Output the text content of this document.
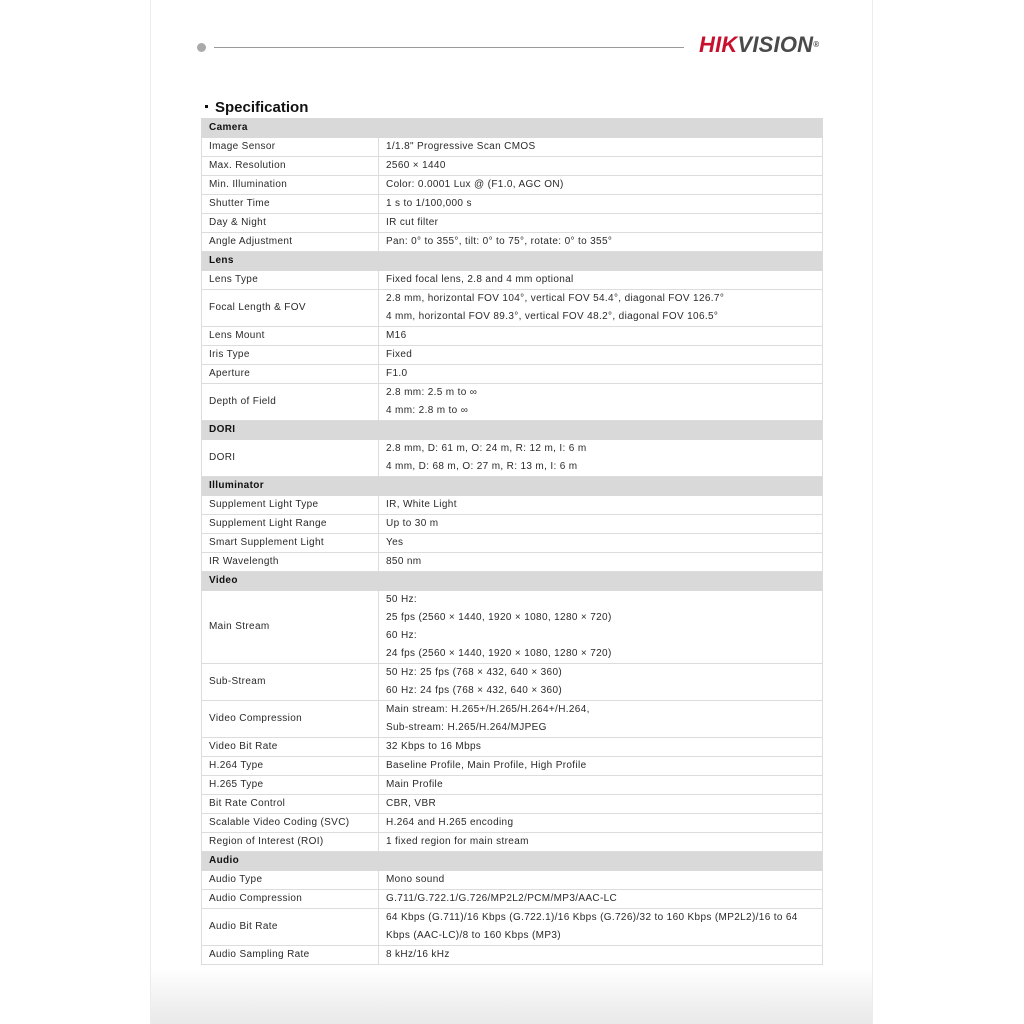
HIKVISION®
Specification
Camera	
Image Sensor	1/1.8" Progressive Scan CMOS

Max. Resolution	2560 × 1440

Min. Illumination	Color: 0.0001 Lux @ (F1.0, AGC ON)

Shutter Time	1 s to 1/100,000 s

Day & Night	IR cut filter

Angle Adjustment	Pan: 0° to 355°, tilt: 0° to 75°, rotate: 0° to 355°

Lens	
Lens Type	Fixed focal lens, 2.8 and 4 mm optional

Focal Length & FOV	2.8 mm, horizontal FOV 104°, vertical FOV 54.4°, diagonal FOV 126.7°
4 mm, horizontal FOV 89.3°, vertical FOV 48.2°, diagonal FOV 106.5°

Lens Mount	M16

Iris Type	Fixed

Aperture	F1.0

Depth of Field	2.8 mm: 2.5 m to ∞
4 mm: 2.8 m to ∞

DORI	
DORI	2.8 mm, D: 61 m, O: 24 m, R: 12 m, I: 6 m
4 mm, D: 68 m, O: 27 m, R: 13 m, I: 6 m

Illuminator	
Supplement Light Type	IR, White Light

Supplement Light Range	Up to 30 m

Smart Supplement Light	Yes

IR Wavelength	850 nm

Video	
Main Stream	50 Hz:
25 fps (2560 × 1440, 1920 × 1080, 1280 × 720)
60 Hz:
24 fps (2560 × 1440, 1920 × 1080, 1280 × 720)

Sub-Stream	50 Hz: 25 fps (768 × 432, 640 × 360)
60 Hz: 24 fps (768 × 432, 640 × 360)

Video Compression	Main stream: H.265+/H.265/H.264+/H.264,
Sub-stream: H.265/H.264/MJPEG

Video Bit Rate	32 Kbps to 16 Mbps

H.264 Type	Baseline Profile, Main Profile, High Profile

H.265 Type	Main Profile

Bit Rate Control	CBR, VBR

Scalable Video Coding (SVC)	H.264 and H.265 encoding

Region of Interest (ROI)	1 fixed region for main stream

Audio	
Audio Type	Mono sound

Audio Compression	G.711/G.722.1/G.726/MP2L2/PCM/MP3/AAC-LC

Audio Bit Rate	64 Kbps (G.711)/16 Kbps (G.722.1)/16 Kbps (G.726)/32 to 160 Kbps (MP2L2)/16 to 64
Kbps (AAC-LC)/8 to 160 Kbps (MP3)

Audio Sampling Rate	8 kHz/16 kHz
